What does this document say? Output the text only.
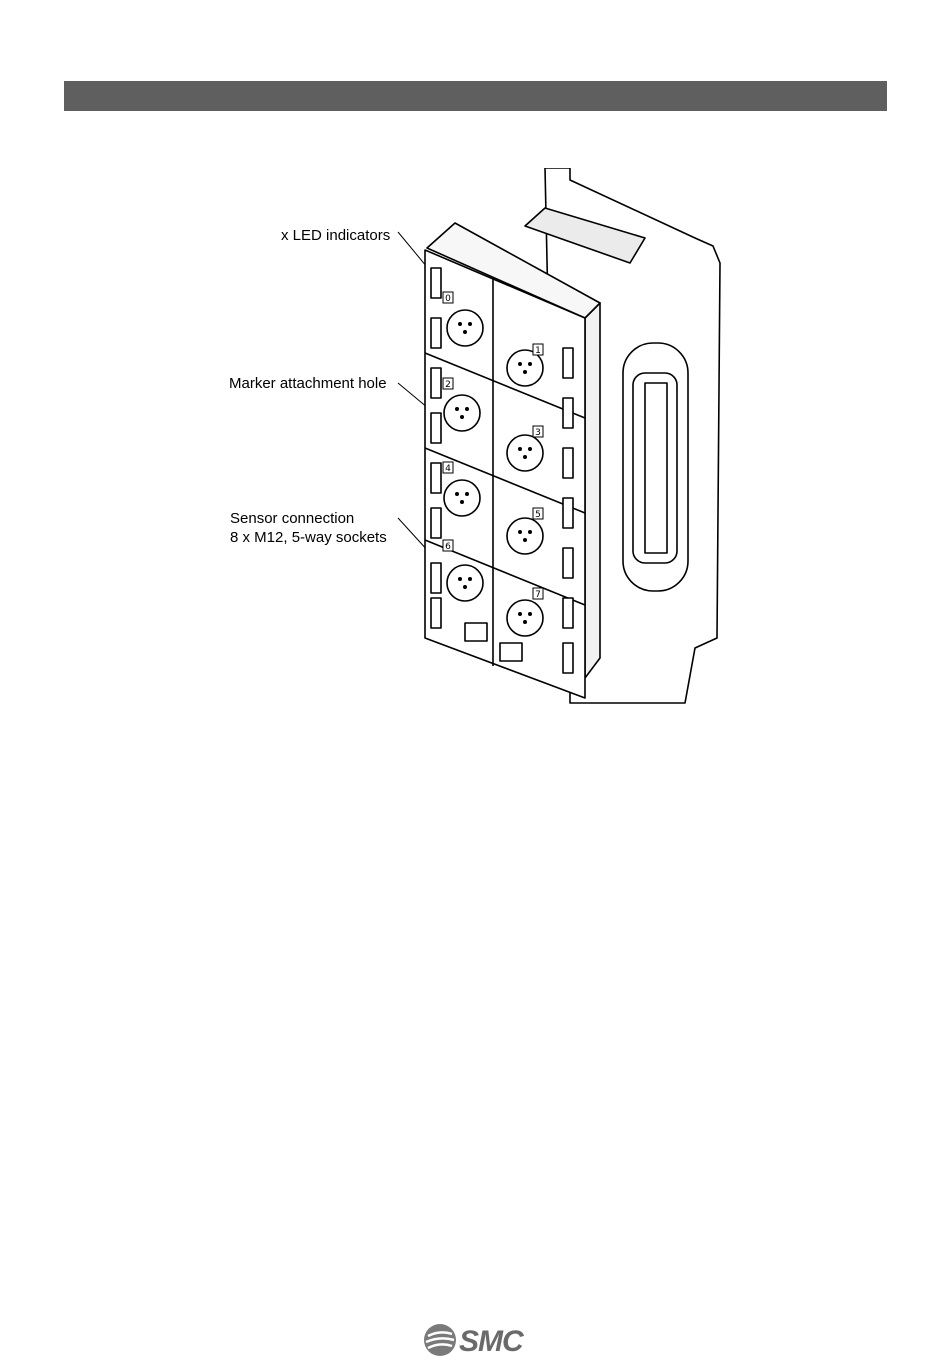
x LED indicators
Marker attachment hole
Sensor connection
8 x M12, 5-way sockets
0
1
2
3
4
5
6
7
SMC
